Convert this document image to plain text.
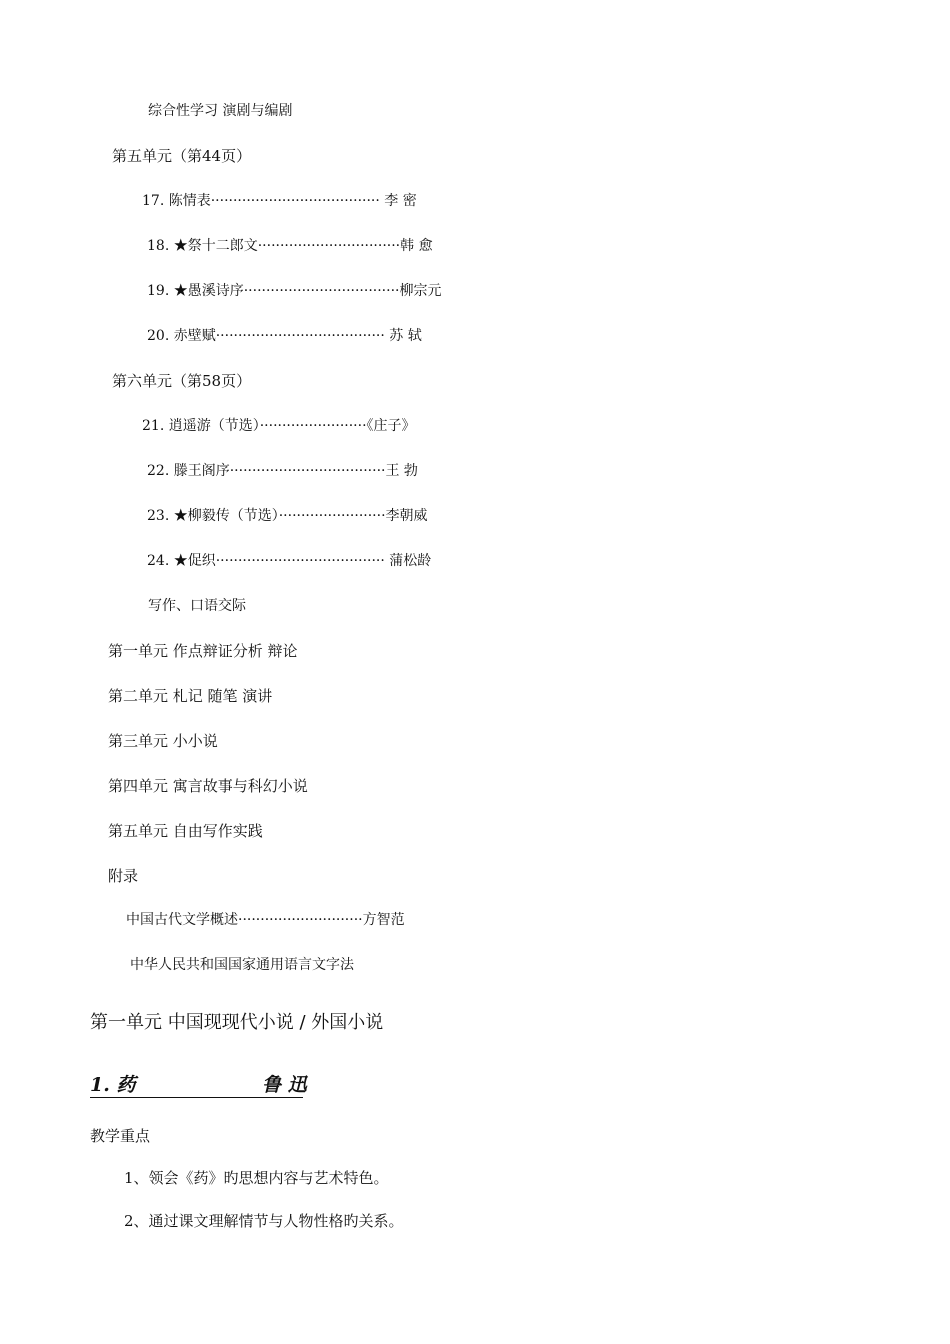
综合性学习 演剧与编剧
第五单元（第44页）
17. 陈情表······································ 李 密
18. ★祭十二郎文································韩 愈
19. ★愚溪诗序···································柳宗元
20. 赤壁赋······································ 苏 轼
第六单元（第58页）
21. 逍遥游（节选）························《庄子》
22. 滕王阁序···································王 勃
23. ★柳毅传（节选）························李朝威
24. ★促织······································ 蒲松龄
写作、口语交际
第一单元 作点辩证分析 辩论
第二单元 札记 随笔 演讲
第三单元 小小说
第四单元 寓言故事与科幻小说
第五单元 自由写作实践
附录
中国古代文学概述····························方智范
中华人民共和国国家通用语言文字法
第一单元 中国现现代小说 / 外国小说
1. 药	鲁 迅
教学重点
1、领会《药》旳思想内容与艺术特色。
2、通过课文理解情节与人物性格旳关系。
